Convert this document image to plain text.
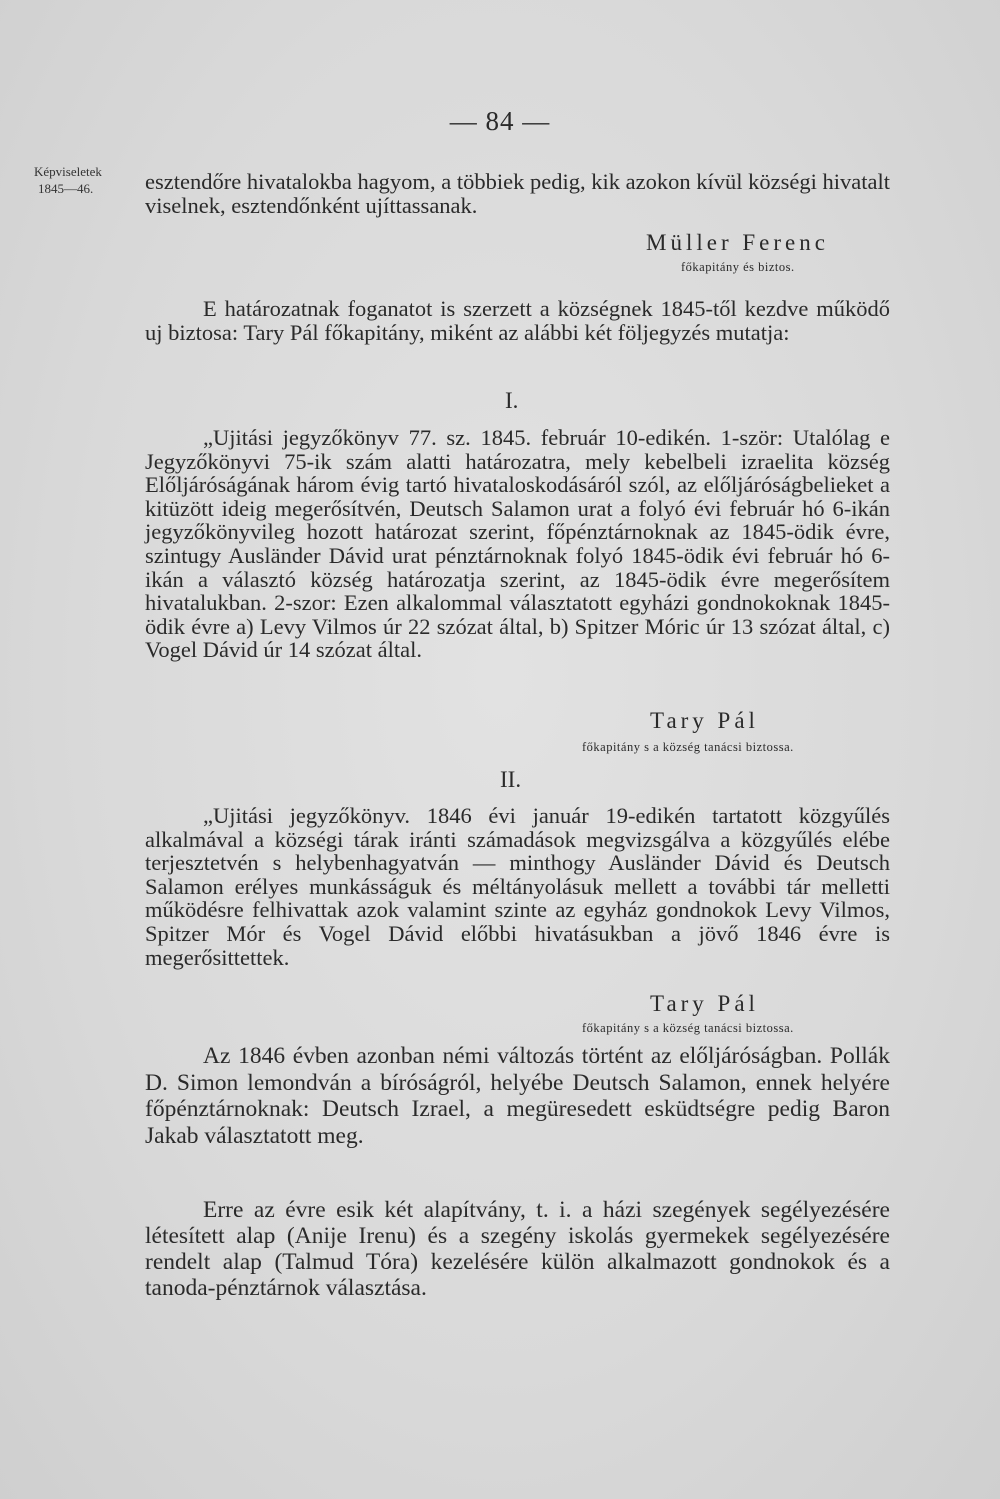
— 84 —
Képviseletek
1845—46.	esztendőre hivatalokba hagyom, a többiek pedig, kik azokon kívül községi hivatalt viselnek, esztendőnként ujíttassanak.

Müller Ferenc
főkapitány és biztos.

E határozatnak foganatot is szerzett a községnek 1845-től kezdve működő uj biztosa: Tary Pál főkapitány, miként az alábbi két följegyzés mutatja:

I.

„Ujitási jegyzőkönyv 77. sz. 1845. február 10-edikén. 1-ször: Utalólag e Jegyzőkönyvi 75-ik szám alatti határozatra, mely kebelbeli izraelita község Előljáróságának három évig tartó hivataloskodásáról szól, az előljáróságbelieket a kitüzött ideig megerősítvén, Deutsch Salamon urat a folyó évi február hó 6-ikán jegyzőkönyvileg hozott határozat szerint, főpénztárnoknak az 1845-ödik évre, szintugy Ausländer Dávid urat pénztárnoknak folyó 1845-ödik évi február hó 6-ikán a választó község határozatja szerint, az 1845-ödik évre megerősítem hivatalukban. 2-szor: Ezen alkalommal választatott egyházi gondnokoknak 1845-ödik évre a) Levy Vilmos úr 22 szózat által, b) Spitzer Móric úr 13 szózat által, c) Vogel Dávid úr 14 szózat által.

Tary Pál
főkapitány s a község tanácsi biztossa.
II.

„Ujitási jegyzőkönyv. 1846 évi január 19-edikén tartatott közgyűlés alkalmával a községi tárak iránti számadások megvizsgálva a közgyűlés elébe terjesztetvén s helybenhagyatván — minthogy Ausländer Dávid és Deutsch Salamon erélyes munkásságuk és méltányolásuk mellett a további tár melletti működésre felhivattak azok valamint szinte az egyház gondnokok Levy Vilmos, Spitzer Mór és Vogel Dávid előbbi hivatásukban a jövő 1846 évre is megerősittettek.

Tary Pál
főkapitány s a község tanácsi biztossa.

Az 1846 évben azonban némi változás történt az előljáróságban. Pollák D. Simon lemondván a bíróságról, helyébe Deutsch Salamon, ennek helyére főpénztárnoknak: Deutsch Izrael, a megüresedett esküdtségre pedig Baron Jakab választatott meg.

Erre az évre esik két alapítvány, t. i. a házi szegények segélyezésére létesített alap (Anije Irenu) és a szegény iskolás gyermekek segélyezésére rendelt alap (Talmud Tóra) kezelésére külön alkalmazott gondnokok és a tanoda-pénztárnok választása.
